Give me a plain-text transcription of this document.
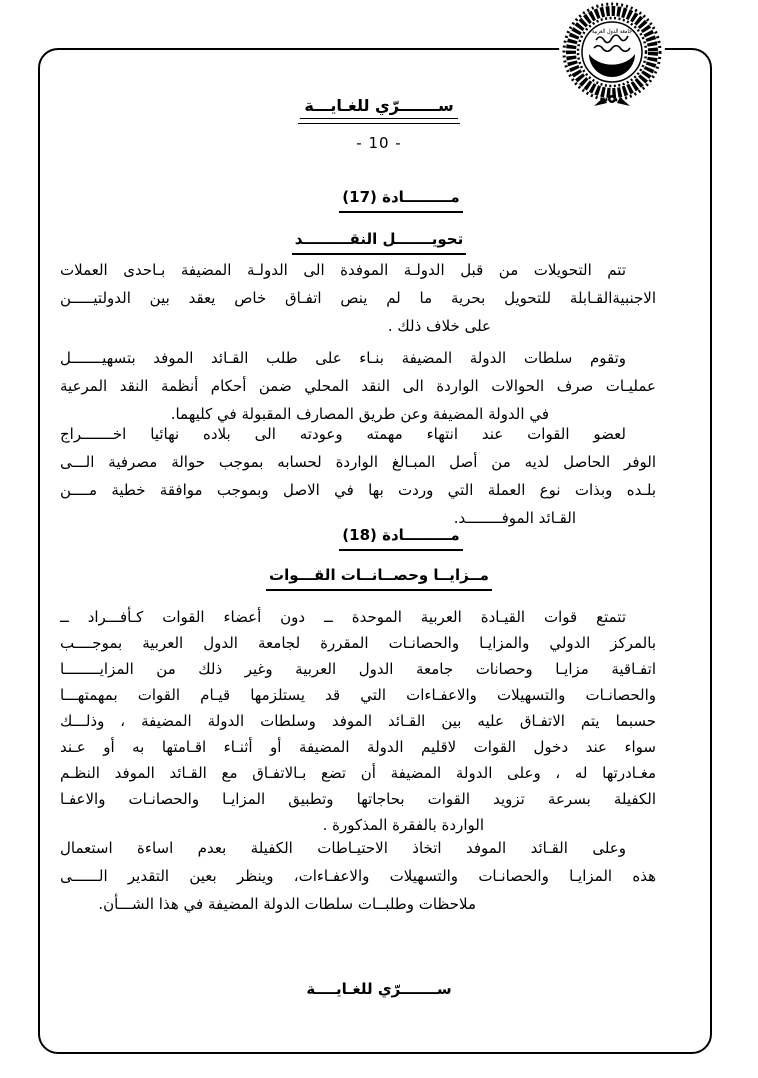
جامعة الدول العربية
ســـــــرّي للغـايـــة
- 10 -
مـــــــــادة (17)
تحويـــــــل النقـــــــــد
تتم التحويلات من قبل الدولـة الموفدة الى الدولـة المضيفة بـاحدى العملات
الاجنبيةالقـابلة للتحويل بحرية ما لم ينص اتفـاق خاص يعقد بين الدولتيـــــن
على خلاف ذلك .
وتقوم سلطات الدولة المضيفة بنـاء على طلب القـائد الموفد بتسهيـــــــل
عمليـات صرف الحوالات الواردة الى النقد المحلي ضمن أحكام أنظمة النقد المرعية
في الدولة المضيفة وعن طريق المصارف المقبولة في كليهما.
لعضو القوات عند انتهاء مهمته وعودته الى بلاده نهائيا اخـــــــراج
الوفر الحاصل لديه من أصل المبـالغ الواردة لحسابه بموجب حوالة مصرفية الـــى
بلـده وبذات نوع العملة التي وردت بها في الاصل وبموجب موافقة خطية مــــن
القـائد الموفــــــــد.
مـــــــــادة (18)
مــزايــا وحصــانــات القـــوات
تتمتع قوات القيـادة العربية الموحدة ــ دون أعضاء القوات كـأفـــراد ــ
بالمركز الدولي والمزايـا والحصانـات المقررة لجامعة الدول العربية بموجــــب
اتفـاقية مزايـا وحصانات جامعة الدول العربية وغير ذلك من المزايــــــــا
والحصانـات والتسهيلات والاعفـاءات التي قد يستلزمها قيـام القوات بمهمتهـــا
حسبما يتم الاتفـاق عليه بين القـائد الموفد وسلطات الدولة المضيفة ، وذلـــك
سواء عند دخول القوات لاقليم الدولة المضيفة أو أثنـاء اقـامتها به أو عـند
مغـادرتها له ، وعلى الدولة المضيفة أن تضع بـالاتفـاق مع القـائد الموفد النظـم
الكفيلة بسرعة تزويد القوات بحاجاتها وتطبيق المزايـا والحصانـات والاعفـا
الواردة بالفقرة المذكورة .
وعلى القـائد الموفد اتخاذ الاحتيـاطات الكفيلة بعدم اساءة استعمال
هذه المزايـا والحصانـات والتسهيلات والاعفـاءات، وينظر بعين التقدير الــــــى
ملاحظات وطلبــات سلطات الدولة المضيفة في هذا الشـــأن.
ســـــــرّي للغـايــــة
